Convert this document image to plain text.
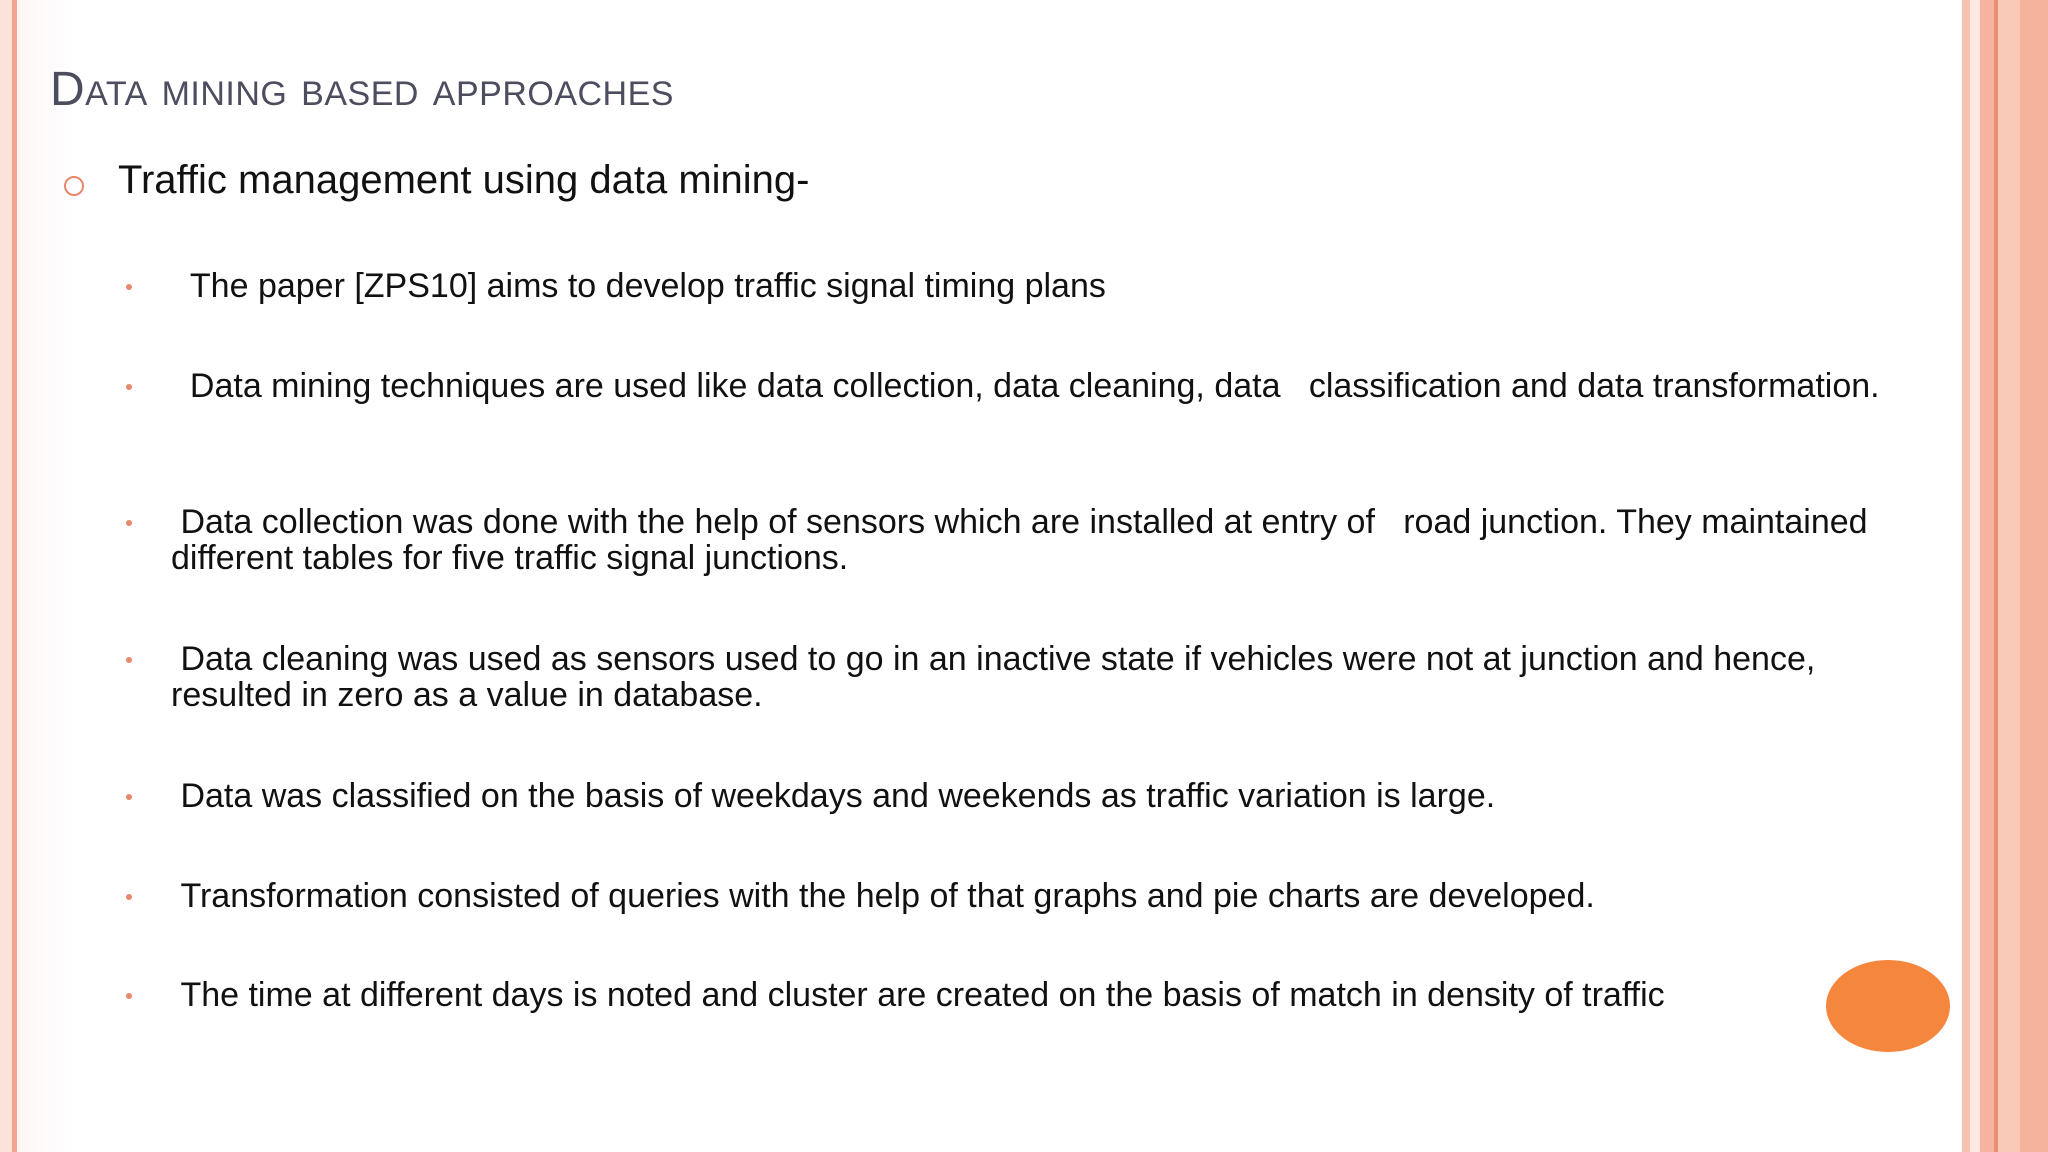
Data mining based approaches
Traffic management using data mining-
The paper [ZPS10] aims to develop traffic signal timing plans
Data mining techniques are used like data collection, data cleaning, data   classification and data transformation.
Data collection was done with the help of sensors which are installed at entry of   road junction. They maintained different tables for five traffic signal junctions.
Data cleaning was used as sensors used to go in an inactive state if vehicles were not at junction and hence, resulted in zero as a value in database.
Data was classified on the basis of weekdays and weekends as traffic variation is large.
Transformation consisted of queries with the help of that graphs and pie charts are developed.
The time at different days is noted and cluster are created on the basis of match in density of traffic
